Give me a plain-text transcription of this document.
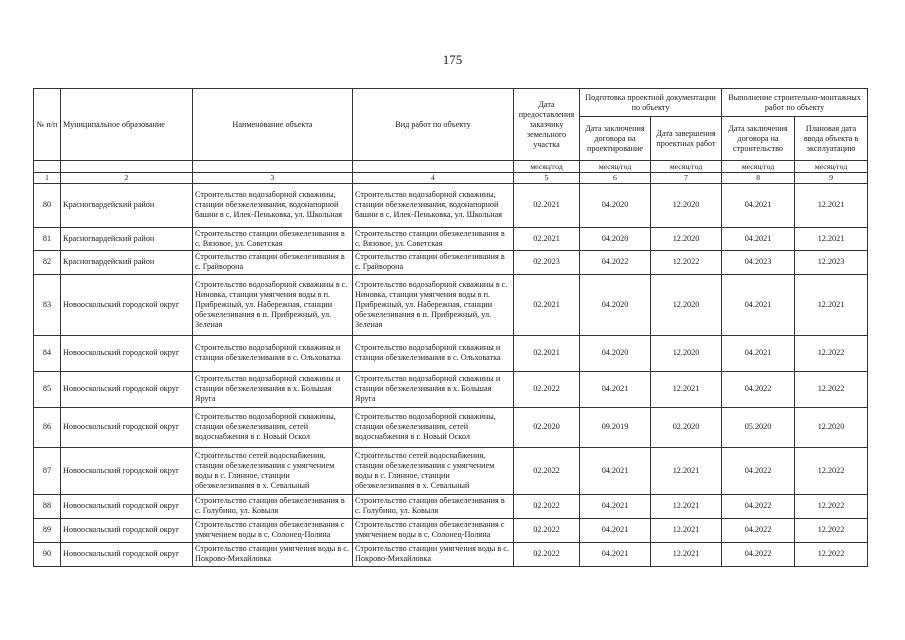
175
№ п/п	Муниципальное образование	Наименование объекта	Вид работ по объекту	Дата предоставления заказчику земельного участка	Подготовка проектной документации по объекту		Выполнение строительно-монтажных работ по объекту	
					Дата заключения договора на проектирование	Дата завершения проектных работ	Дата заключения договора на строительство	Плановая дата ввода объекта в эксплуатацию
				месяц/год	месяц/год	месяц/год	месяц/год	месяц/год
1	2	3	4	5	6	7	8	9
80	Красногвардейский район	Строительство водозаборной скважины, станции обезжелезивания, водонапорной башни в с. Илек-Пеньковка, ул. Школьная	Строительство водозаборной скважины, станции обезжелезивания, водонапорной башни в с. Илек-Пеньковка, ул. Школьная	02.2021	04.2020	12.2020	04.2021	12.2021
81	Красногвардейский район	Строительство станции обезжелезивания в с. Вязовое, ул. Советская	Строительство станции обезжелезивания в с. Вязовое, ул. Советская	02.2021	04.2020	12.2020	04.2021	12.2021
82	Красногвардейский район	Строительство станции обезжелезивания в с. Грайворона	Строительство станции обезжелезивания в с. Грайворона	02.2023	04.2022	12.2022	04.2023	12.2023
83	Новооскольский городской округ	Строительство водозаборной скважины в с. Ниновка, станции умягчения воды в п. Прибрежный, ул. Набережная, станции обезжелезивания в п. Прибрежный, ул. Зеленая	Строительство водозаборной скважины в с. Ниновка, станции умягчения воды в п. Прибрежный, ул. Набережная, станции обезжелезивания в п. Прибрежный, ул. Зеленая	02.2021	04.2020	12.2020	04.2021	12.2021
84	Новооскольский городской округ	Строительство водозаборной скважины и станции обезжелезивания в с. Ольховатка	Строительство водозаборной скважины и станции обезжелезивания в с. Ольховатка	02.2021	04.2020	12.2020	04.2021	12.2022
85	Новооскольский городской округ	Строительство водозаборной скважины и станции обезжелезивания в х. Большая Яруга	Строительство водозаборной скважины и станции обезжелезивания в х. Большая Яруга	02.2022	04.2021	12.2021	04.2022	12.2022
86	Новооскольский городской округ	Строительство водозаборной скважины, станции обезжелезивания, сетей водоснабжения в г. Новый Оскол	Строительство водозаборной скважины, станции обезжелезивания, сетей водоснабжения в г. Новый Оскол	02.2020	09.2019	02.2020	05.2020	12.2020
87	Новооскольский городской округ	Строительство сетей водоснабжения, станции обезжелезивания с умягчением воды в с. Глинное, станции обезжелезивания в х. Севальный	Строительство сетей водоснабжения, станции обезжелезивания с умягчением воды в с. Глинное, станции обезжелезивания в х. Севальный	02.2022	04.2021	12.2021	04.2022	12.2022
88	Новооскольский городской округ	Строительство станции обезжелезивания в с. Голубино, ул. Ковыля	Строительство станции обезжелезивания в с. Голубино, ул. Ковыля	02.2022	04.2021	12.2021	04.2022	12.2022
89	Новооскольский городской округ	Строительство станции обезжелезивания с умягчением воды в с. Солонец-Поляна	Строительство станции обезжелезивания с умягчением воды в с. Солонец-Поляна	02.2022	04.2021	12.2021	04.2022	12.2022
90	Новооскольский городской округ	Строительство станции умягчения воды в с. Покрово-Михайловка	Строительство станции умягчения воды в с. Покрово-Михайловка	02.2022	04.2021	12.2021	04.2022	12.2022
